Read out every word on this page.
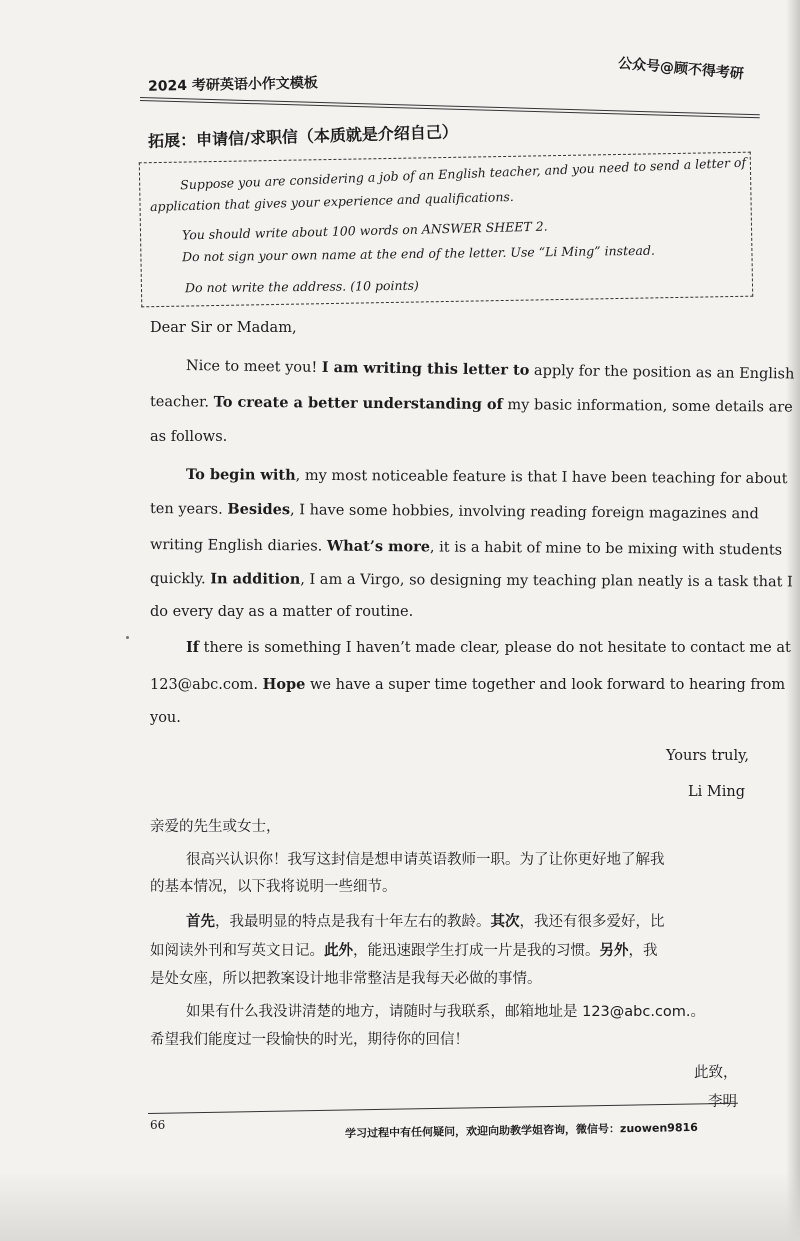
2024 考研英语小作文模板
公众号@顾不得考研
拓展：申请信/求职信（本质就是介绍自己）
Suppose you are considering a job of an English teacher, and you need to send a letter of
application that gives your experience and qualifications.
You should write about 100 words on ANSWER SHEET 2.
Do not sign your own name at the end of the letter. Use “Li Ming” instead.
Do not write the address. (10 points)
Dear Sir or Madam,
Nice to meet you! I am writing this letter to apply for the position as an English
teacher. To create a better understanding of my basic information, some details are
as follows.
To begin with, my most noticeable feature is that I have been teaching for about
ten years. Besides, I have some hobbies, involving reading foreign magazines and
writing English diaries. What’s more, it is a habit of mine to be mixing with students
quickly. In addition, I am a Virgo, so designing my teaching plan neatly is a task that I
do every day as a matter of routine.
If there is something I haven’t made clear, please do not hesitate to contact me at
123@abc.com. Hope we have a super time together and look forward to hearing from
you.
Yours truly,
Li Ming
亲爱的先生或女士，
很高兴认识你！我写这封信是想申请英语教师一职。为了让你更好地了解我
的基本情况，以下我将说明一些细节。
首先，我最明显的特点是我有十年左右的教龄。其次，我还有很多爱好，比
如阅读外刊和写英文日记。此外，能迅速跟学生打成一片是我的习惯。另外，我
是处女座，所以把教案设计地非常整洁是我每天必做的事情。
如果有什么我没讲清楚的地方，请随时与我联系，邮箱地址是 123@abc.com.。
希望我们能度过一段愉快的时光，期待你的回信！
此致，
李明
66	学习过程中有任何疑问，欢迎向助教学姐咨询，微信号：zuowen9816
